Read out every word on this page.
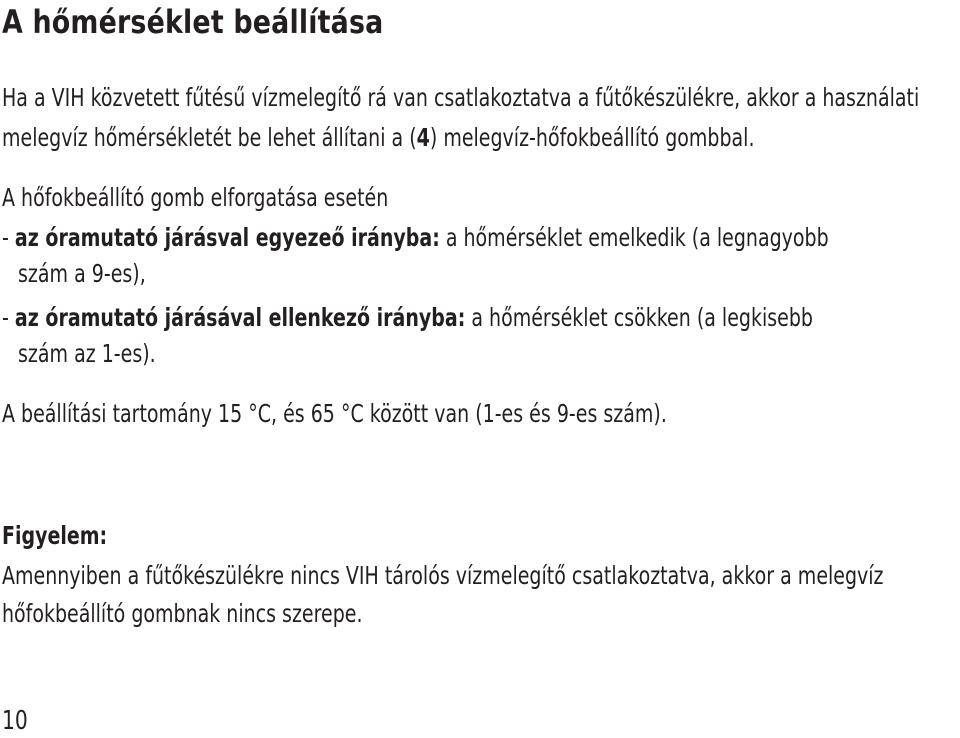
A hőmérséklet beállítása

Ha a VIH közvetett fűtésű vízmelegítő rá van csatlakoztatva a fűtőkészülékre, akkor a használati

melegvíz hőmérsékletét be lehet állítani a (4) melegvíz-hőfokbeállító gombbal.

A hőfokbeállító gomb elforgatása esetén

- az óramutató járásval egyezeő irányba: a hőmérséklet emelkedik (a legnagyobb

szám a 9-es),

- az óramutató járásával ellenkező irányba: a hőmérséklet csökken (a legkisebb

szám az 1-es).

A beállítási tartomány 15 °C, és 65 °C között van (1-es és 9-es szám).

Figyelem:

Amennyiben a fűtőkészülékre nincs VIH tárolós vízmelegítő csatlakoztatva, akkor a melegvíz

hőfokbeállító gombnak nincs szerepe.

10
